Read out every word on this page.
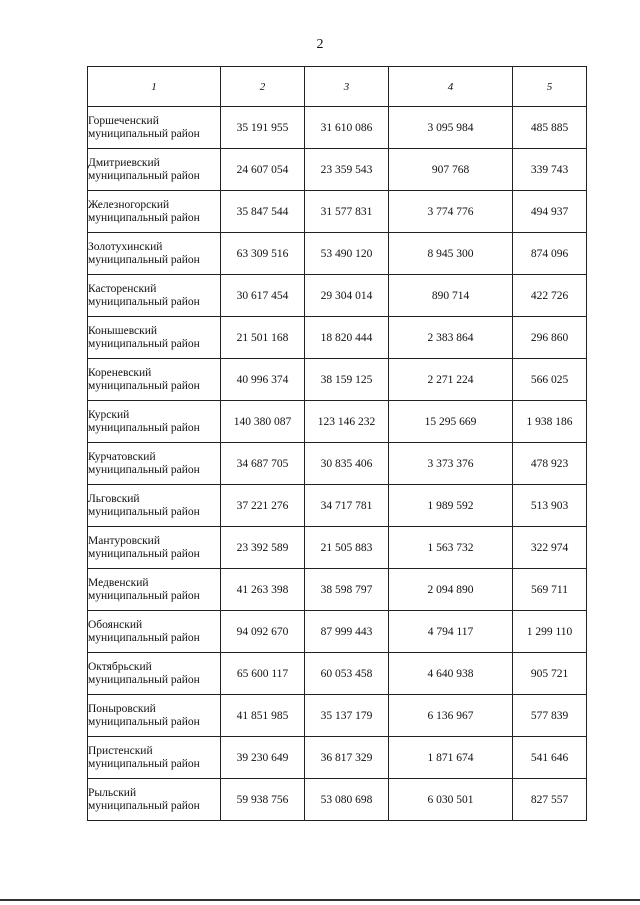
2
1	2	3	4	5

Горшеченский
муниципальный район	35 191 955	31 610 086	3 095 984	485 885

Дмитриевский
муниципальный район	24 607 054	23 359 543	907 768	339 743

Железногорский
муниципальный район	35 847 544	31 577 831	3 774 776	494 937

Золотухинский
муниципальный район	63 309 516	53 490 120	8 945 300	874 096

Касторенский
муниципальный район	30 617 454	29 304 014	890 714	422 726

Конышевский
муниципальный район	21 501 168	18 820 444	2 383 864	296 860

Кореневский
муниципальный район	40 996 374	38 159 125	2 271 224	566 025

Курский
муниципальный район	140 380 087	123 146 232	15 295 669	1 938 186

Курчатовский
муниципальный район	34 687 705	30 835 406	3 373 376	478 923

Льговский
муниципальный район	37 221 276	34 717 781	1 989 592	513 903

Мантуровский
муниципальный район	23 392 589	21 505 883	1 563 732	322 974

Медвенский
муниципальный район	41 263 398	38 598 797	2 094 890	569 711

Обоянский
муниципальный район	94 092 670	87 999 443	4 794 117	1 299 110

Октябрьский
муниципальный район	65 600 117	60 053 458	4 640 938	905 721

Поныровский
муниципальный район	41 851 985	35 137 179	6 136 967	577 839

Пристенский
муниципальный район	39 230 649	36 817 329	1 871 674	541 646

Рыльский
муниципальный район	59 938 756	53 080 698	6 030 501	827 557
